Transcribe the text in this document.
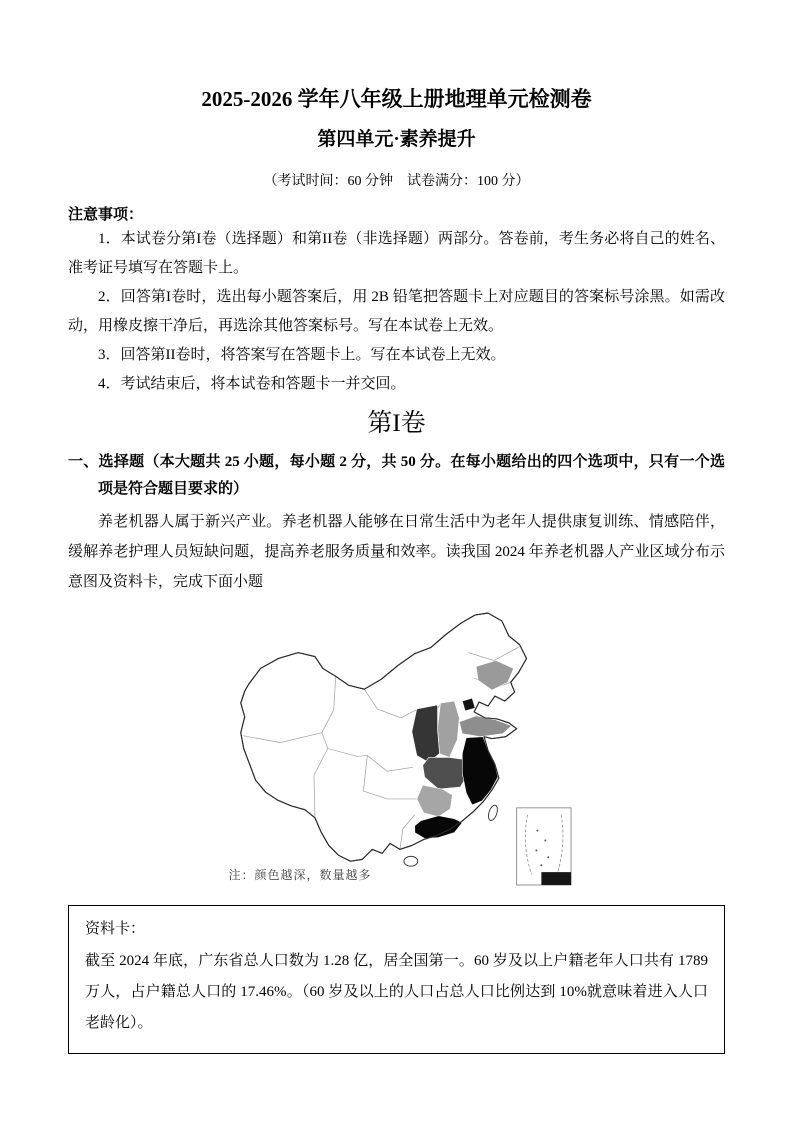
2025-2026 学年八年级上册地理单元检测卷
第四单元·素养提升
（考试时间：60 分钟　试卷满分：100 分）
注意事项：

1．本试卷分第I卷（选择题）和第II卷（非选择题）两部分。答卷前，考生务必将自己的姓名、准考证号填写在答题卡上。

2．回答第I卷时，选出每小题答案后，用 2B 铅笔把答题卡上对应题目的答案标号涂黑。如需改动，用橡皮擦干净后，再选涂其他答案标号。写在本试卷上无效。

3．回答第II卷时，将答案写在答题卡上。写在本试卷上无效。

4．考试结束后，将本试卷和答题卡一并交回。

第I卷

一、选择题（本大题共 25 小题，每小题 2 分，共 50 分。在每小题给出的四个选项中，只有一个选项是符合题目要求的）

养老机器人属于新兴产业。养老机器人能够在日常生活中为老年人提供康复训练、情感陪伴，缓解养老护理人员短缺问题，提高养老服务质量和效率。读我国 2024 年养老机器人产业区域分布示意图及资料卡，完成下面小题

注：颜色越深，数量越多
资料卡：

截至 2024 年底，广东省总人口数为 1.28 亿，居全国第一。60 岁及以上户籍老年人口共有 1789 万人，占户籍总人口的 17.46%。（60 岁及以上的人口占总人口比例达到 10%就意味着进入人口老龄化）。
